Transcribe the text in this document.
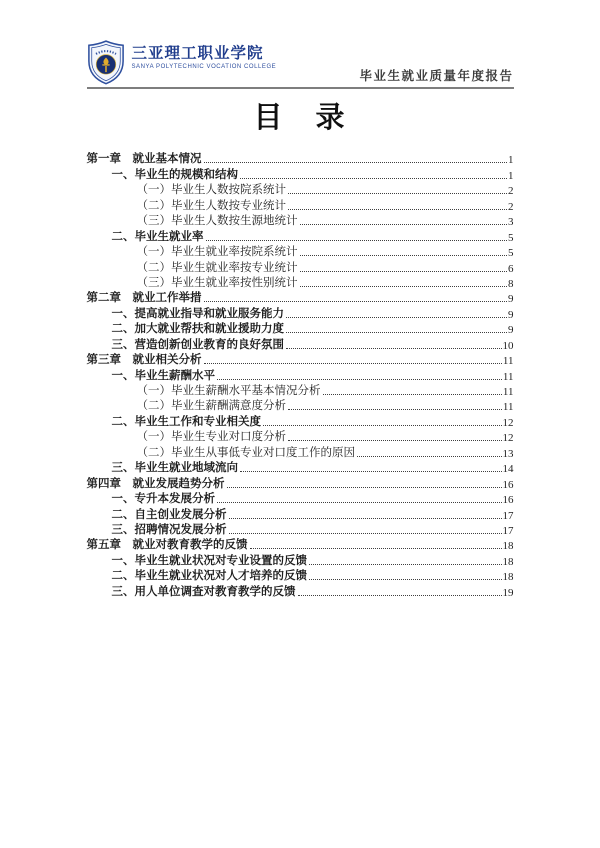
三亚理工职业学院
SANYA POLYTECHNIC VOCATION COLLEGE
毕业生就业质量年度报告
目　录
第一章　就业基本情况	1
一、毕业生的规模和结构	1
（一）毕业生人数按院系统计	2
（二）毕业生人数按专业统计	2
（三）毕业生人数按生源地统计	3
二、毕业生就业率	5
（一）毕业生就业率按院系统计	5
（二）毕业生就业率按专业统计	6
（三）毕业生就业率按性别统计	8
第二章　就业工作举措	9
一、提高就业指导和就业服务能力	9
二、加大就业帮扶和就业援助力度	9
三、营造创新创业教育的良好氛围	10
第三章　就业相关分析	11
一、毕业生薪酬水平	11
（一）毕业生薪酬水平基本情况分析	11
（二）毕业生薪酬满意度分析	11
二、毕业生工作和专业相关度	12
（一）毕业生专业对口度分析	12
（二）毕业生从事低专业对口度工作的原因	13
三、毕业生就业地域流向	14
第四章　就业发展趋势分析	16
一、专升本发展分析	16
二、自主创业发展分析	17
三、招聘情况发展分析	17
第五章　就业对教育教学的反馈	18
一、毕业生就业状况对专业设置的反馈	18
二、毕业生就业状况对人才培养的反馈	18
三、用人单位调查对教育教学的反馈	19
